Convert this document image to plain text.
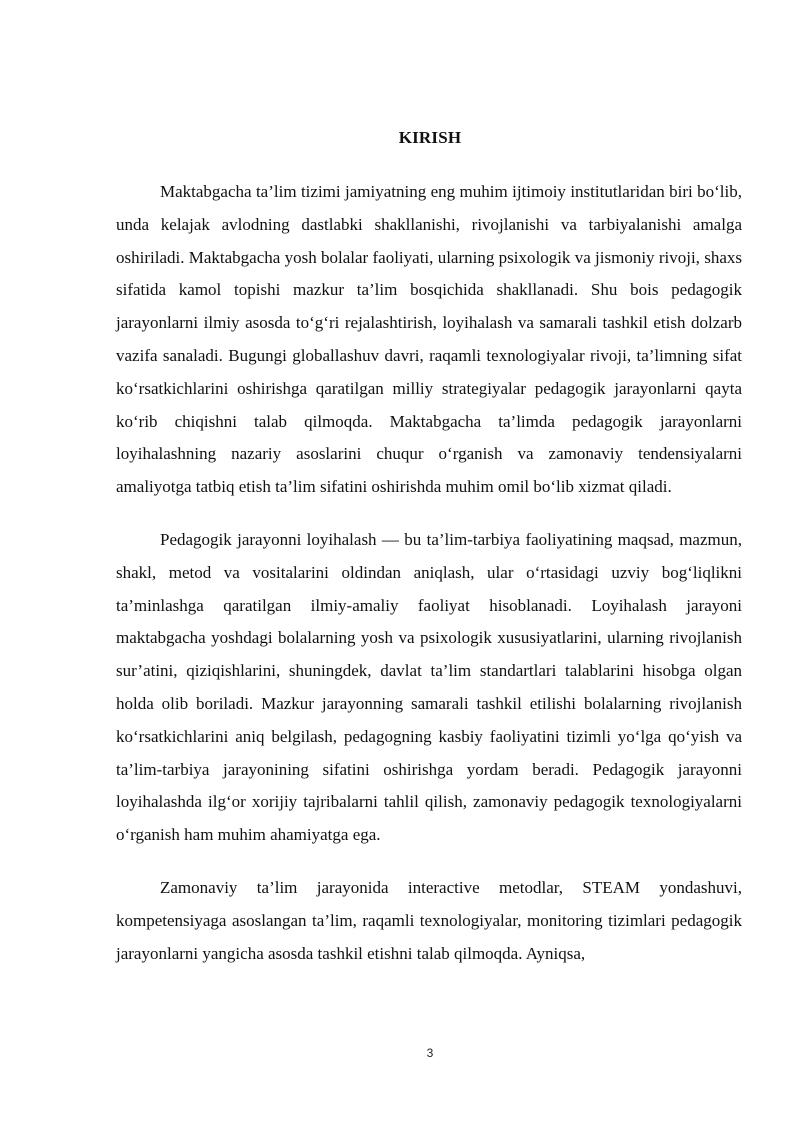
KIRISH

Maktabgacha ta’lim tizimi jamiyatning eng muhim ijtimoiy institutlaridan biri bo‘lib, unda kelajak avlodning dastlabki shakllanishi, rivojlanishi va tarbiyalanishi amalga oshiriladi. Maktabgacha yosh bolalar faoliyati, ularning psixologik va jismoniy rivoji, shaxs sifatida kamol topishi mazkur ta’lim bosqichida shakllanadi. Shu bois pedagogik jarayonlarni ilmiy asosda to‘g‘ri rejalashtirish, loyihalash va samarali tashkil etish dolzarb vazifa sanaladi. Bugungi globallashuv davri, raqamli texnologiyalar rivoji, ta’limning sifat ko‘rsatkichlarini oshirishga qaratilgan milliy strategiyalar pedagogik jarayonlarni qayta ko‘rib chiqishni talab qilmoqda. Maktabgacha ta’limda pedagogik jarayonlarni loyihalashning nazariy asoslarini chuqur o‘rganish va zamonaviy tendensiyalarni amaliyotga tatbiq etish ta’lim sifatini oshirishda muhim omil bo‘lib xizmat qiladi.

Pedagogik jarayonni loyihalash — bu ta’lim-tarbiya faoliyatining maqsad, mazmun, shakl, metod va vositalarini oldindan aniqlash, ular o‘rtasidagi uzviy bog‘liqlikni ta’minlashga qaratilgan ilmiy-amaliy faoliyat hisoblanadi. Loyihalash jarayoni maktabgacha yoshdagi bolalarning yosh va psixologik xususiyatlarini, ularning rivojlanish sur’atini, qiziqishlarini, shuningdek, davlat ta’lim standartlari talablarini hisobga olgan holda olib boriladi. Mazkur jarayonning samarali tashkil etilishi bolalarning rivojlanish ko‘rsatkichlarini aniq belgilash, pedagogning kasbiy faoliyatini tizimli yo‘lga qo‘yish va ta’lim-tarbiya jarayonining sifatini oshirishga yordam beradi. Pedagogik jarayonni loyihalashda ilg‘or xorijiy tajribalarni tahlil qilish, zamonaviy pedagogik texnologiyalarni o‘rganish ham muhim ahamiyatga ega.

Zamonaviy ta’lim jarayonida interactive metodlar, STEAM yondashuvi, kompetensiyaga asoslangan ta’lim, raqamli texnologiyalar, monitoring tizimlari pedagogik jarayonlarni yangicha asosda tashkil etishni talab qilmoqda. Ayniqsa,

3
